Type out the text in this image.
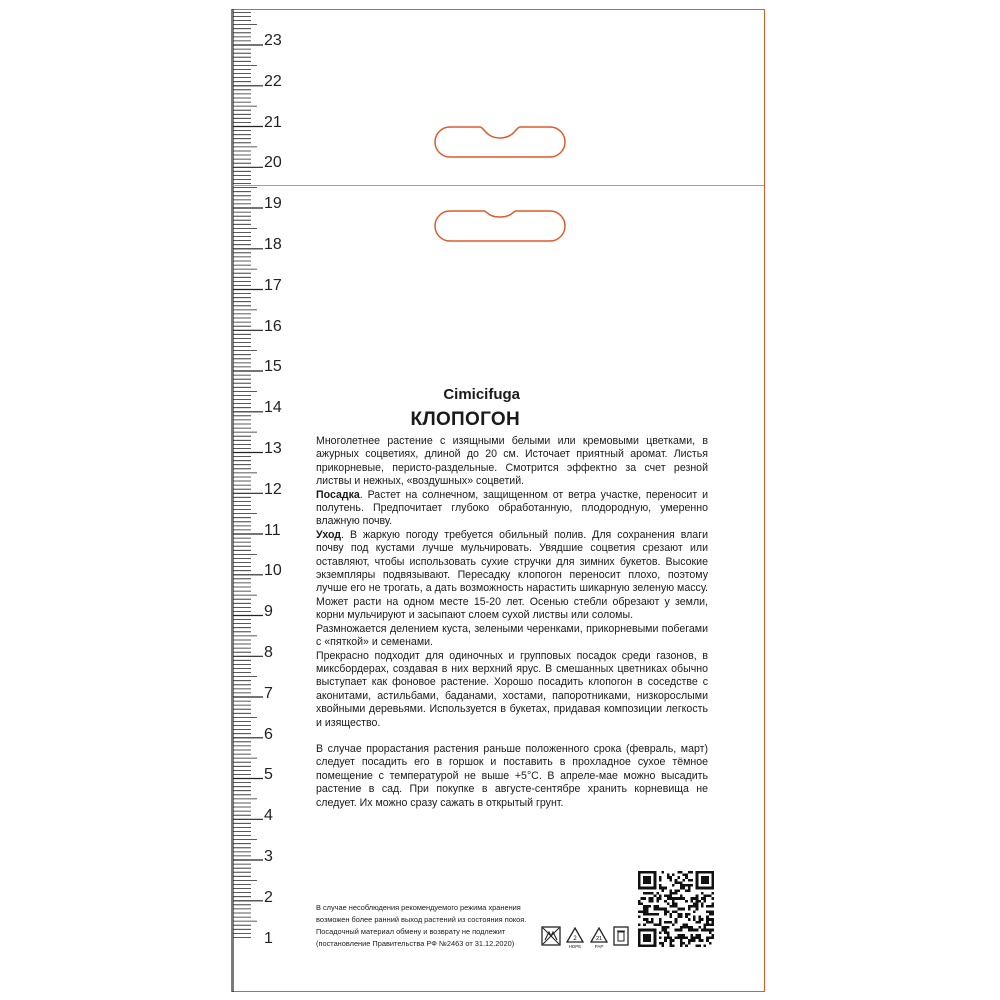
23
22
21
20
19
18
17
16
15
14
13
12
11
10
9
8
7
6
5
4
3
2
1
Cimicifuga
КЛОПОГОН

Многолетнее растение с изящными белыми или кремовыми цветками, в ажурных соцветиях, длиной до 20 см. Источает приятный аромат. Листья прикорневые, перисто-раздельные. Смотрится эффектно за счет резной листвы и нежных, «воздушных» соцветий.

Посадка. Растет на солнечном, защищенном от ветра участке, переносит и полутень. Предпочитает глубоко обработанную, плодородную, умеренно влажную почву.

Уход. В жаркую погоду требуется обильный полив. Для сохранения влаги почву под кустами лучше мульчировать. Увядшие соцветия срезают или оставляют, чтобы использовать сухие стручки для зимних букетов. Высокие экземпляры подвязывают. Пересадку клопогон переносит плохо, поэтому лучше его не трогать, а дать возможность нарастить шикарную зеленую массу. Может расти на одном месте 15-20 лет. Осенью стебли обрезают у земли, корни мульчируют и засыпают слоем сухой листвы или соломы.

Размножается делением куста, зелеными черенками, прикорневыми побегами с «пяткой» и семенами.

Прекрасно подходит для одиночных и групповых посадок среди газонов, в миксбордерах, создавая в них верхний ярус. В смешанных цветниках обычно выступает как фоновое растение. Хорошо посадить клопогон в соседстве с аконитами, астильбами, баданами, хостами, папоротниками, низкорослыми хвойными деревьями. Используется в букетах, придавая композиции легкость и изящество.

В случае прорастания растения раньше положенного срока (февраль, март) следует посадить его в горшок и поставить в прохладное сухое тёмное помещение с температурой не выше +5°С. В апреле-мае можно высадить растение в сад. При покупке в августе-сентябре хранить корневища не следует. Их можно сразу сажать в открытый грунт.

В случае несоблюдения рекомендуемого режима хранения
возможен более ранний выход растений из состояния покоя.
Посадочный материал обмену и возврату не подлежит
(постановление Правительства РФ №2463 от 31.12.2020)	2
HDPE
21
PAP
